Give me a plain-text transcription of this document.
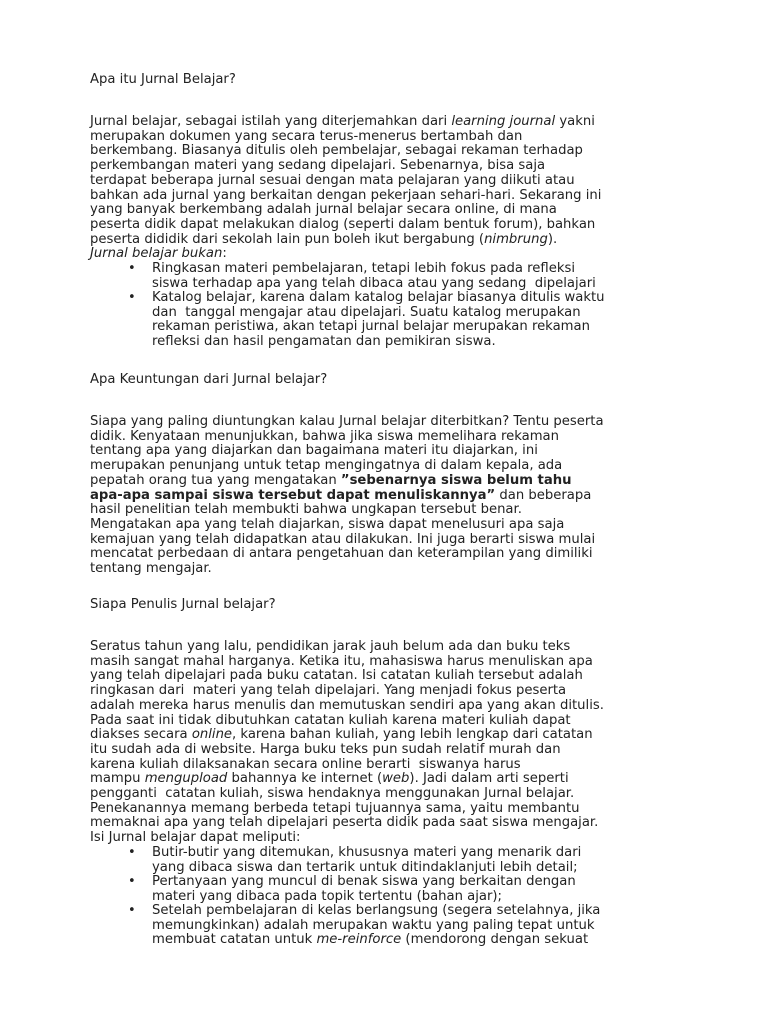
Apa itu Jurnal Belajar?
Jurnal belajar, sebagai istilah yang diterjemahkan dari learning journal yakni
merupakan dokumen yang secara terus-menerus bertambah dan
berkembang. Biasanya ditulis oleh pembelajar, sebagai rekaman terhadap
perkembangan materi yang sedang dipelajari. Sebenarnya, bisa saja
terdapat beberapa jurnal sesuai dengan mata pelajaran yang diikuti atau
bahkan ada jurnal yang berkaitan dengan pekerjaan sehari-hari. Sekarang ini
yang banyak berkembang adalah jurnal belajar secara online, di mana
peserta didik dapat melakukan dialog (seperti dalam bentuk forum), bahkan
peserta dididik dari sekolah lain pun boleh ikut bergabung (nimbrung).
Jurnal belajar bukan:
• Ringkasan materi pembelajaran, tetapi lebih fokus pada refleksi
siswa terhadap apa yang telah dibaca atau yang sedang  dipelajari
• Katalog belajar, karena dalam katalog belajar biasanya ditulis waktu
dan  tanggal mengajar atau dipelajari. Suatu katalog merupakan
rekaman peristiwa, akan tetapi jurnal belajar merupakan rekaman
refleksi dan hasil pengamatan dan pemikiran siswa.
Apa Keuntungan dari Jurnal belajar?
Siapa yang paling diuntungkan kalau Jurnal belajar diterbitkan? Tentu peserta
didik. Kenyataan menunjukkan, bahwa jika siswa memelihara rekaman
tentang apa yang diajarkan dan bagaimana materi itu diajarkan, ini
merupakan penunjang untuk tetap mengingatnya di dalam kepala, ada
pepatah orang tua yang mengatakan ”sebenarnya siswa belum tahu
apa-apa sampai siswa tersebut dapat menuliskannya” dan beberapa
hasil penelitian telah membukti bahwa ungkapan tersebut benar.
Mengatakan apa yang telah diajarkan, siswa dapat menelusuri apa saja
kemajuan yang telah didapatkan atau dilakukan. Ini juga berarti siswa mulai
mencatat perbedaan di antara pengetahuan dan keterampilan yang dimiliki
tentang mengajar.
Siapa Penulis Jurnal belajar?
Seratus tahun yang lalu, pendidikan jarak jauh belum ada dan buku teks
masih sangat mahal harganya. Ketika itu, mahasiswa harus menuliskan apa
yang telah dipelajari pada buku catatan. Isi catatan kuliah tersebut adalah
ringkasan dari  materi yang telah dipelajari. Yang menjadi fokus peserta
adalah mereka harus menulis dan memutuskan sendiri apa yang akan ditulis.
Pada saat ini tidak dibutuhkan catatan kuliah karena materi kuliah dapat
diakses secara online, karena bahan kuliah, yang lebih lengkap dari catatan
itu sudah ada di website. Harga buku teks pun sudah relatif murah dan
karena kuliah dilaksanakan secara online berarti  siswanya harus
mampu mengupload bahannya ke internet (web). Jadi dalam arti seperti
pengganti  catatan kuliah, siswa hendaknya menggunakan Jurnal belajar.
Penekanannya memang berbeda tetapi tujuannya sama, yaitu membantu
memaknai apa yang telah dipelajari peserta didik pada saat siswa mengajar.
Isi Jurnal belajar dapat meliputi:
• Butir-butir yang ditemukan, khususnya materi yang menarik dari
yang dibaca siswa dan tertarik untuk ditindaklanjuti lebih detail;
• Pertanyaan yang muncul di benak siswa yang berkaitan dengan
materi yang dibaca pada topik tertentu (bahan ajar);
• Setelah pembelajaran di kelas berlangsung (segera setelahnya, jika
memungkinkan) adalah merupakan waktu yang paling tepat untuk
membuat catatan untuk me-reinforce (mendorong dengan sekuat
